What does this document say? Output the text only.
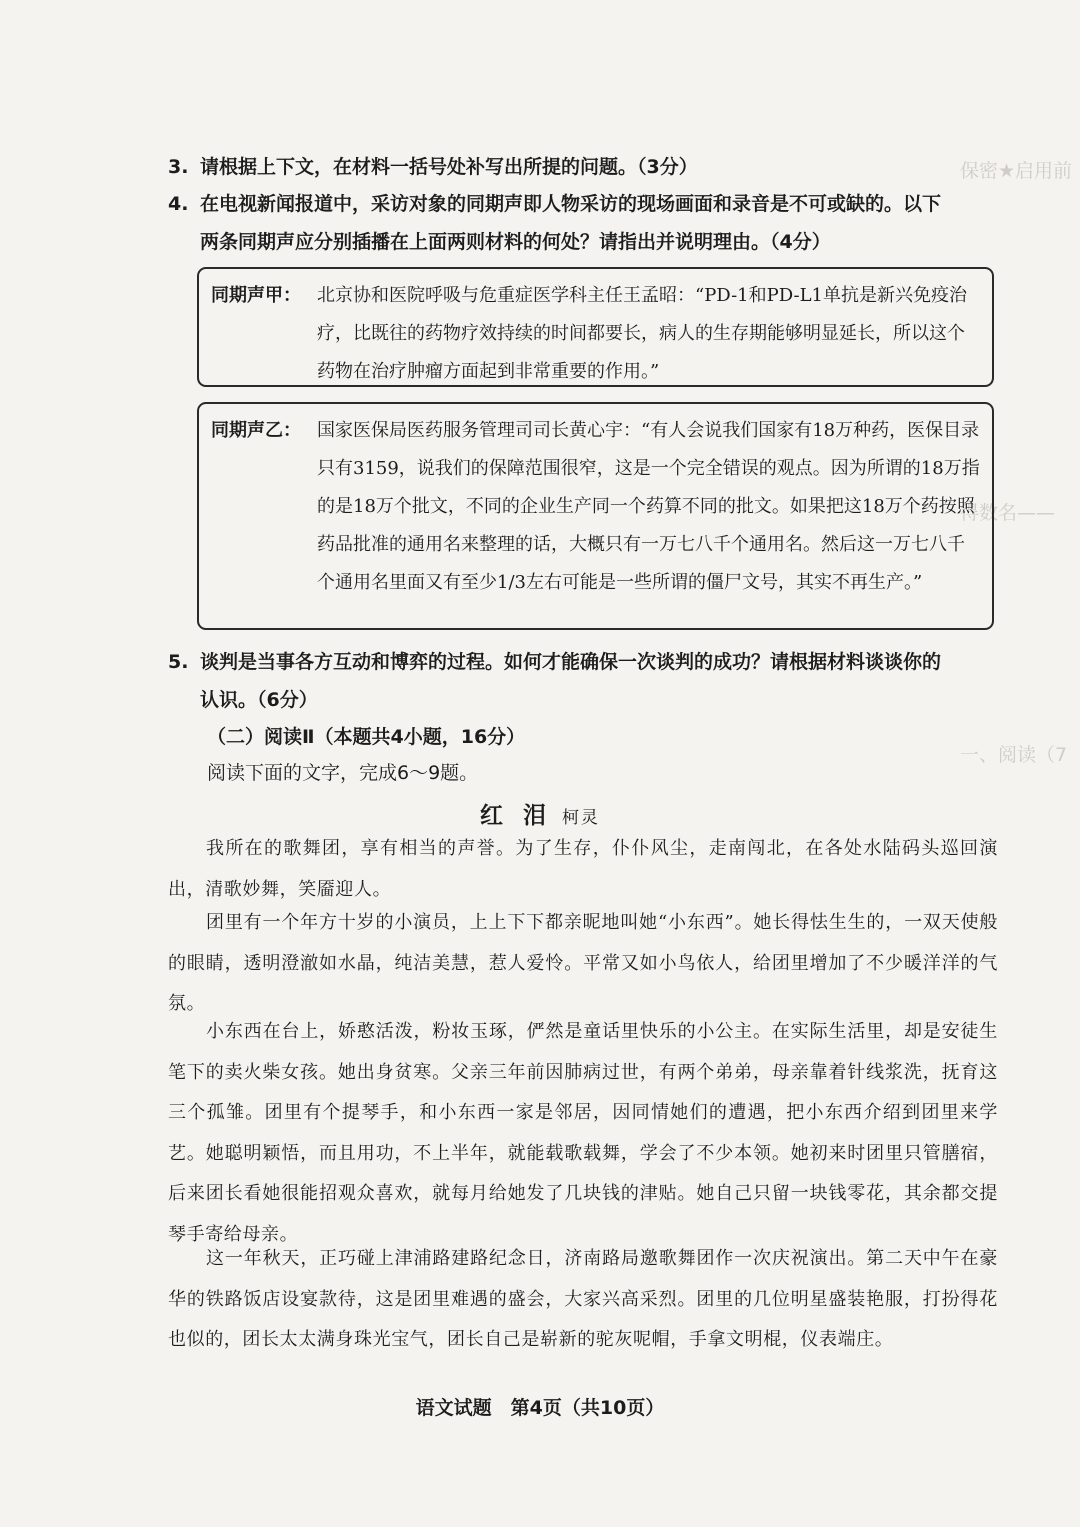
保密★启用前
一、阅读（7
得数名——
3. 请根据上下文，在材料一括号处补写出所提的问题。（3分）
4. 在电视新闻报道中，采访对象的同期声即人物采访的现场画面和录音是不可或缺的。以下
两条同期声应分别插播在上面两则材料的何处？请指出并说明理由。（4分）
同期声甲： 北京协和医院呼吸与危重症医学科主任王孟昭：“PD-1和PD-L1单抗是新兴免疫治疗，比既往的药物疗效持续的时间都要长，病人的生存期能够明显延长，所以这个药物在治疗肿瘤方面起到非常重要的作用。”
同期声乙： 国家医保局医药服务管理司司长黄心宇：“有人会说我们国家有18万种药，医保目录只有3159，说我们的保障范围很窄，这是一个完全错误的观点。因为所谓的18万指的是18万个批文，不同的企业生产同一个药算不同的批文。如果把这18万个药按照药品批准的通用名来整理的话，大概只有一万七八千个通用名。然后这一万七八千个通用名里面又有至少1/3左右可能是一些所谓的僵尸文号，其实不再生产。”
5. 谈判是当事各方互动和博弈的过程。如何才能确保一次谈判的成功？请根据材料谈谈你的
认识。（6分）
（二）阅读Ⅱ（本题共4小题，16分）
阅读下面的文字，完成6～9题。
红 泪 柯灵
我所在的歌舞团，享有相当的声誉。为了生存，仆仆风尘，走南闯北，在各处水陆码头巡回演出，清歌妙舞，笑靥迎人。
团里有一个年方十岁的小演员，上上下下都亲昵地叫她“小东西”。她长得怯生生的，一双天使般的眼睛，透明澄澈如水晶，纯洁美慧，惹人爱怜。平常又如小鸟依人，给团里增加了不少暖洋洋的气氛。
小东西在台上，娇憨活泼，粉妆玉琢，俨然是童话里快乐的小公主。在实际生活里，却是安徒生笔下的卖火柴女孩。她出身贫寒。父亲三年前因肺病过世，有两个弟弟，母亲靠着针线浆洗，抚育这三个孤雏。团里有个提琴手，和小东西一家是邻居，因同情她们的遭遇，把小东西介绍到团里来学艺。她聪明颖悟，而且用功，不上半年，就能载歌载舞，学会了不少本领。她初来时团里只管膳宿，后来团长看她很能招观众喜欢，就每月给她发了几块钱的津贴。她自己只留一块钱零花，其余都交提琴手寄给母亲。
这一年秋天，正巧碰上津浦路建路纪念日，济南路局邀歌舞团作一次庆祝演出。第二天中午在豪华的铁路饭店设宴款待，这是团里难遇的盛会，大家兴高采烈。团里的几位明星盛装艳服，打扮得花也似的，团长太太满身珠光宝气，团长自己是崭新的驼灰呢帽，手拿文明棍，仪表端庄。
语文试题　第4页（共10页）
